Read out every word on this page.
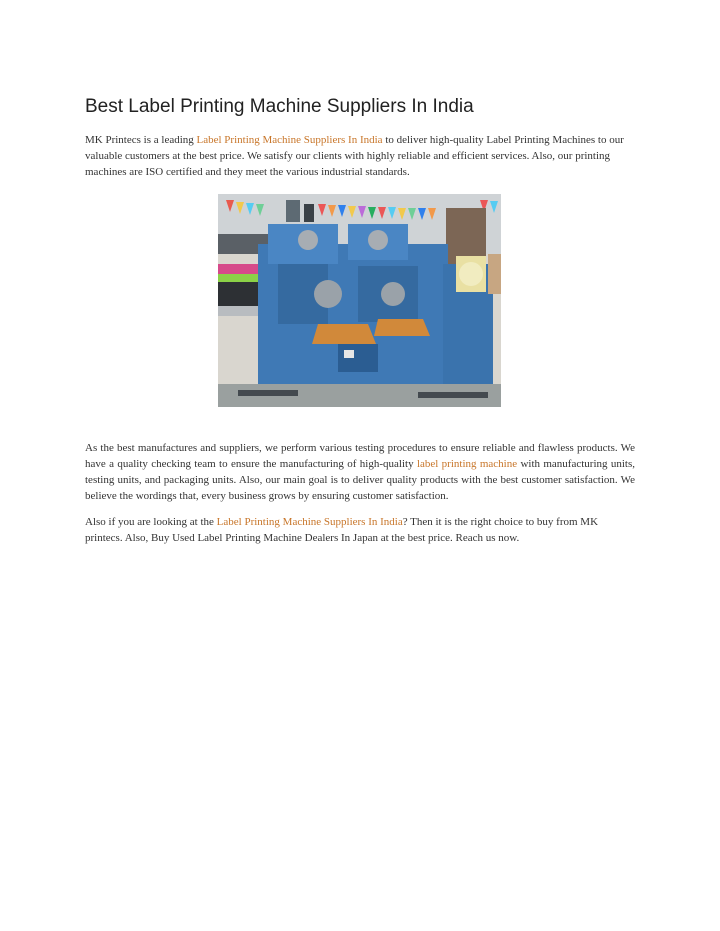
Best Label Printing Machine Suppliers In India

MK Printecs is a leading Label Printing Machine Suppliers In India to deliver high-quality Label Printing Machines to our valuable customers at the best price. We satisfy our clients with highly reliable and efficient services. Also, our printing machines are ISO certified and they meet the various industrial standards.

As the best manufactures and suppliers, we perform various testing procedures to ensure reliable and flawless products. We have a quality checking team to ensure the manufacturing of high-quality label printing machine with manufacturing units, testing units, and packaging units. Also, our main goal is to deliver quality products with the best customer satisfaction. We believe the wordings that, every business grows by ensuring customer satisfaction.

Also if you are looking at the Label Printing Machine Suppliers In India? Then it is the right choice to buy from MK printecs. Also, Buy Used Label Printing Machine Dealers In Japan at the best price. Reach us now.
